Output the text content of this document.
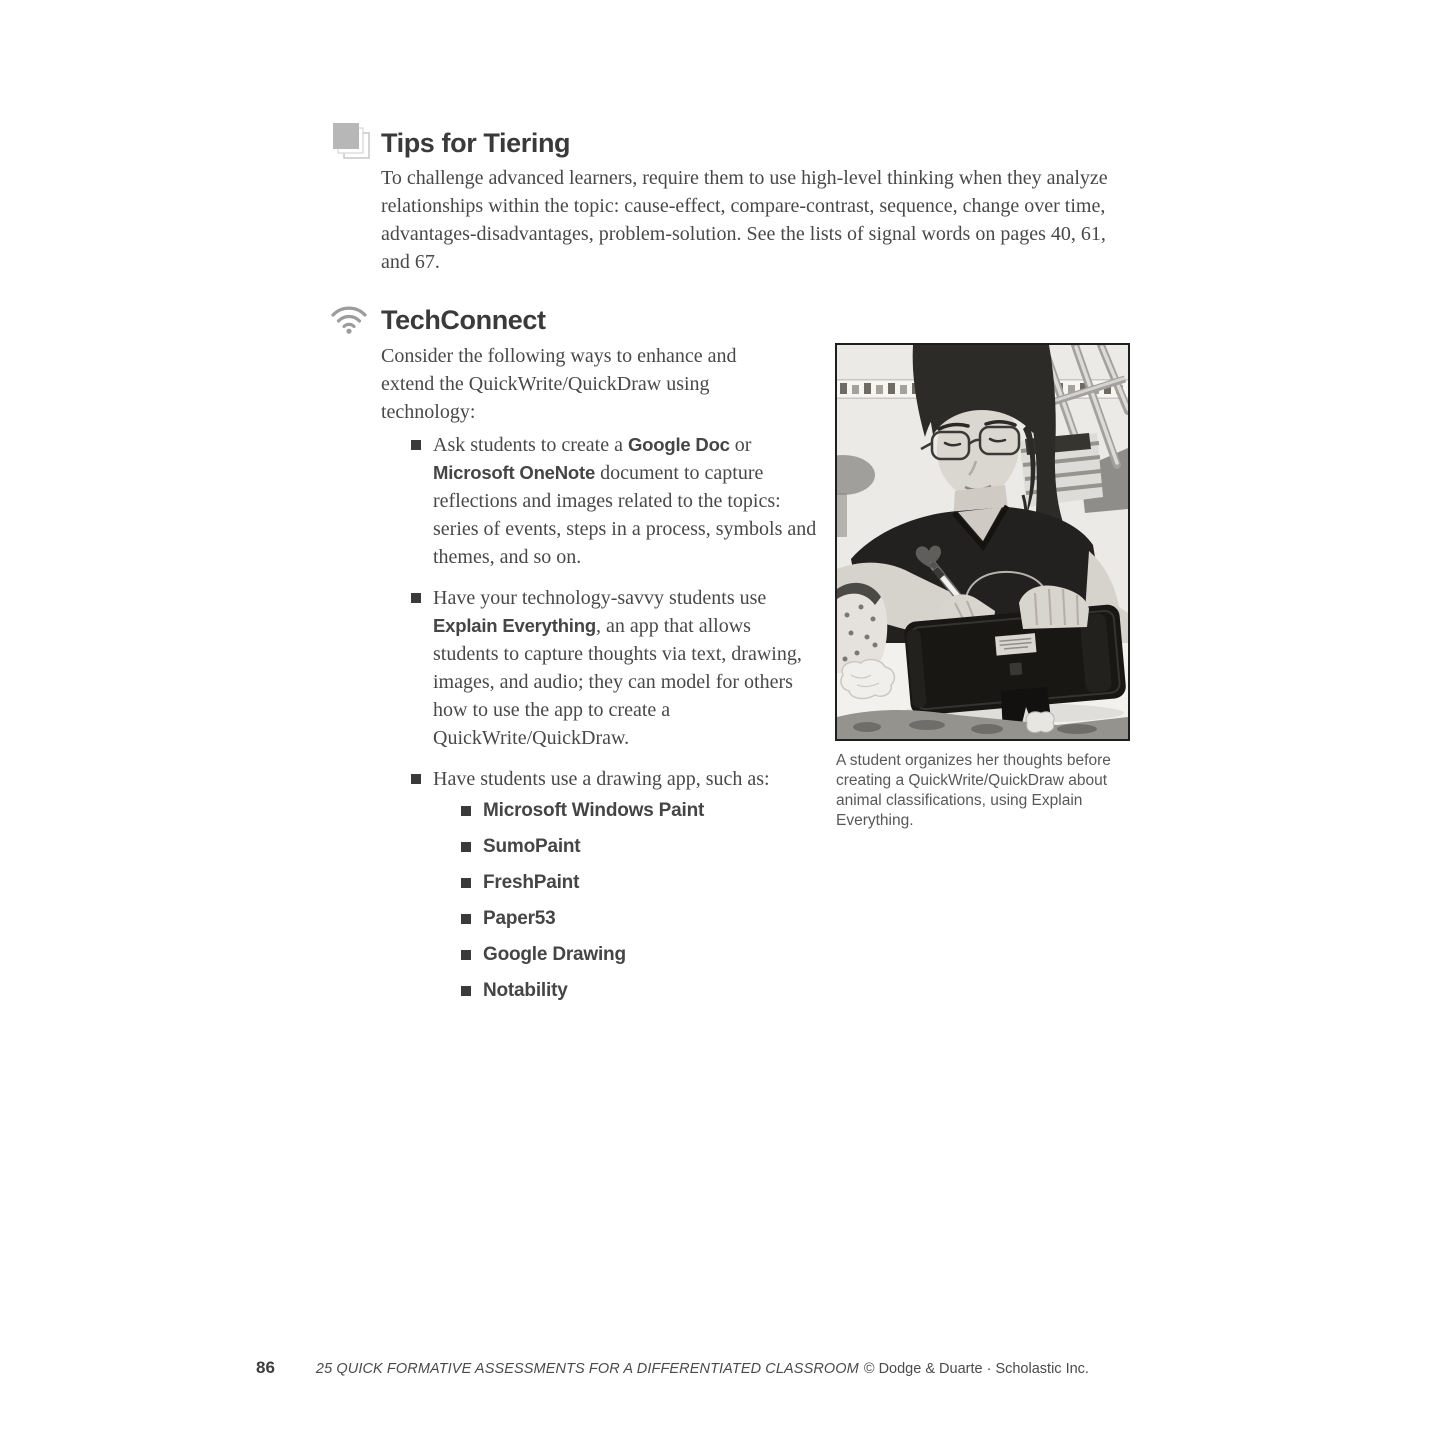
Tips for Tiering

To challenge advanced learners, require them to use high-level thinking when they analyze relationships within the topic: cause-effect, compare-contrast, sequence, change over time, advantages-disadvantages, problem-solution. See the lists of signal words on pages 40, 61, and 67.

TechConnect

Consider the following ways to enhance and extend the QuickWrite/QuickDraw using technology:

Ask students to create a Google Doc or Microsoft OneNote document to capture reflections and images related to the topics: series of events, steps in a process, symbols and themes, and so on.
Have your technology-savvy students use Explain Everything, an app that allows students to capture thoughts via text, drawing, images, and audio; they can model for others how to use the app to create a QuickWrite/QuickDraw.
Have students use a drawing app, such as:
Microsoft Windows Paint
SumoPaint
FreshPaint
Paper53
Google Drawing
Notability
A student organizes her thoughts before creating a QuickWrite/QuickDraw about animal classifications, using Explain Everything.
86	25 QUICK FORMATIVE ASSESSMENTS FOR A DIFFERENTIATED CLASSROOM © Dodge & Duarte · Scholastic Inc.
